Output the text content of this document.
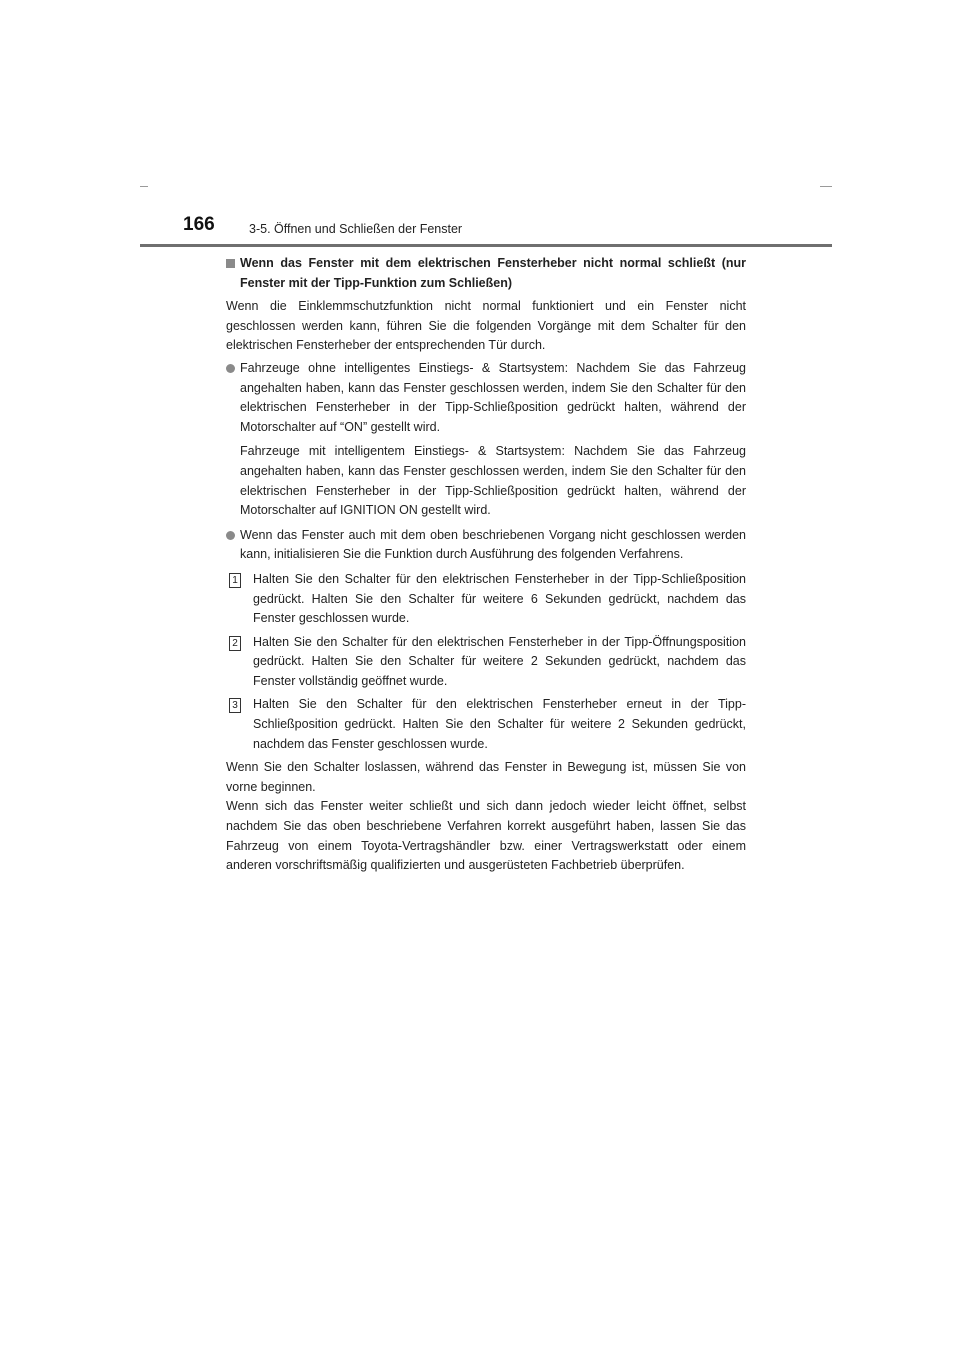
166	3-5. Öffnen und Schließen der Fenster

Wenn das Fenster mit dem elektrischen Fensterheber nicht normal schließt (nur Fenster mit der Tipp-Funktion zum Schließen)

Wenn die Einklemmschutzfunktion nicht normal funktioniert und ein Fenster nicht geschlossen werden kann, führen Sie die folgenden Vorgänge mit dem Schalter für den elektrischen Fensterheber der entsprechenden Tür durch.

Fahrzeuge ohne intelligentes Einstiegs- & Startsystem: Nachdem Sie das Fahrzeug angehalten haben, kann das Fenster geschlossen werden, indem Sie den Schalter für den elektrischen Fensterheber in der Tipp-Schließposition gedrückt halten, während der Motorschalter auf “ON” gestellt wird.

Fahrzeuge mit intelligentem Einstiegs- & Startsystem: Nachdem Sie das Fahrzeug angehalten haben, kann das Fenster geschlossen werden, indem Sie den Schalter für den elektrischen Fensterheber in der Tipp-Schließposition gedrückt halten, während der Motorschalter auf IGNITION ON gestellt wird.

Wenn das Fenster auch mit dem oben beschriebenen Vorgang nicht geschlossen werden kann, initialisieren Sie die Funktion durch Ausführung des folgenden Verfahrens.

1 Halten Sie den Schalter für den elektrischen Fensterheber in der Tipp-Schließposition gedrückt. Halten Sie den Schalter für weitere 6 Sekunden gedrückt, nachdem das Fenster geschlossen wurde.

2 Halten Sie den Schalter für den elektrischen Fensterheber in der Tipp-Öffnungsposition gedrückt. Halten Sie den Schalter für weitere 2 Sekunden gedrückt, nachdem das Fenster vollständig geöffnet wurde.

3 Halten Sie den Schalter für den elektrischen Fensterheber erneut in der Tipp-Schließposition gedrückt. Halten Sie den Schalter für weitere 2 Sekunden gedrückt, nachdem das Fenster geschlossen wurde.

Wenn Sie den Schalter loslassen, während das Fenster in Bewegung ist, müssen Sie von vorne beginnen.

Wenn sich das Fenster weiter schließt und sich dann jedoch wieder leicht öffnet, selbst nachdem Sie das oben beschriebene Verfahren korrekt ausgeführt haben, lassen Sie das Fahrzeug von einem Toyota-Vertragshändler bzw. einer Vertragswerkstatt oder einem anderen vorschriftsmäßig qualifizierten und ausgerüsteten Fachbetrieb überprüfen.
